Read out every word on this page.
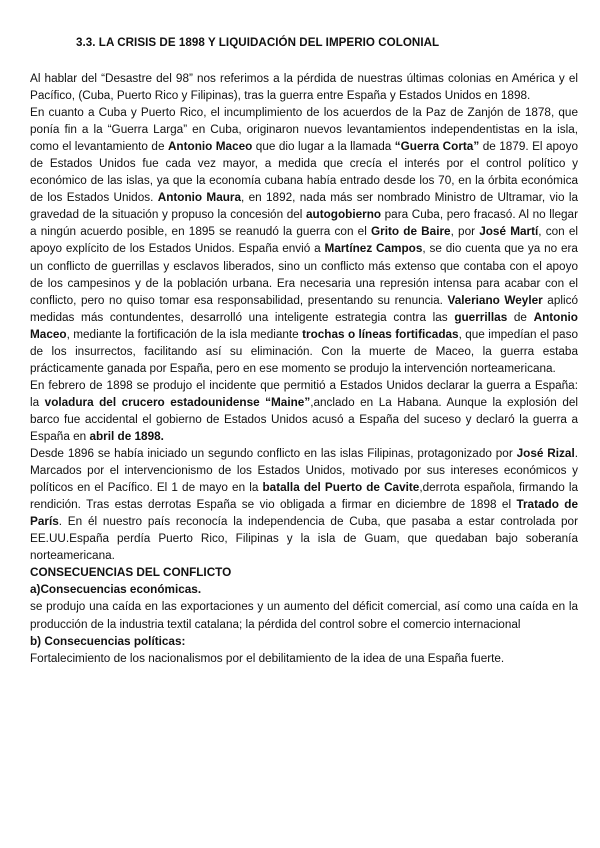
3.3. LA CRISIS DE 1898 Y LIQUIDACIÓN DEL IMPERIO COLONIAL

Al hablar del “Desastre del 98” nos referimos a la pérdida de nuestras últimas colonias en América y el Pacífico, (Cuba, Puerto Rico y Filipinas), tras la guerra entre España y Estados Unidos en 1898.

En cuanto a Cuba y Puerto Rico, el incumplimiento de los acuerdos de la Paz de Zanjón de 1878, que ponía fin a la “Guerra Larga” en Cuba, originaron nuevos levantamientos independentistas en la isla, como el levantamiento de Antonio Maceo que dio lugar a la llamada “Guerra Corta” de 1879. El apoyo de Estados Unidos fue cada vez mayor, a medida que crecía el interés por el control político y económico de las islas, ya que la economía cubana había entrado desde los 70, en la órbita económica de los Estados Unidos. Antonio Maura, en 1892, nada más ser nombrado Ministro de Ultramar, vio la gravedad de la situación y propuso la concesión del autogobierno para Cuba, pero fracasó. Al no llegar a ningún acuerdo posible, en 1895 se reanudó la guerra con el Grito de Baire, por José Martí, con el apoyo explícito de los Estados Unidos. España envió a Martínez Campos, se dio cuenta que ya no era un conflicto de guerrillas y esclavos liberados, sino un conflicto más extenso que contaba con el apoyo de los campesinos y de la población urbana. Era necesaria una represión intensa para acabar con el conflicto, pero no quiso tomar esa responsabilidad, presentando su renuncia. Valeriano Weyler aplicó medidas más contundentes, desarrolló una inteligente estrategia contra las guerrillas de Antonio Maceo, mediante la fortificación de la isla mediante trochas o líneas fortificadas, que impedían el paso de los insurrectos, facilitando así su eliminación. Con la muerte de Maceo, la guerra estaba prácticamente ganada por España, pero en ese momento se produjo la intervención norteamericana.

En febrero de 1898 se produjo el incidente que permitió a Estados Unidos declarar la guerra a España: la voladura del crucero estadounidense “Maine”,anclado en La Habana. Aunque la explosión del barco fue accidental el gobierno de Estados Unidos acusó a España del suceso y declaró la guerra a España en abril de 1898.

Desde 1896 se había iniciado un segundo conflicto en las islas Filipinas, protagonizado por José Rizal. Marcados por el intervencionismo de los Estados Unidos, motivado por sus intereses económicos y políticos en el Pacífico. El 1 de mayo en la batalla del Puerto de Cavite,derrota española, firmando la rendición. Tras estas derrotas España se vio obligada a firmar en diciembre de 1898 el Tratado de París. En él nuestro país reconocía la independencia de Cuba, que pasaba a estar controlada por EE.UU.España perdía Puerto Rico, Filipinas y la isla de Guam, que quedaban bajo soberanía norteamericana.

CONSECUENCIAS DEL CONFLICTO

a)Consecuencias económicas.

se produjo una caída en las exportaciones y un aumento del déficit comercial, así como una caída en la producción de la industria textil catalana; la pérdida del control sobre el comercio internacional

b) Consecuencias políticas:

Fortalecimiento de los nacionalismos por el debilitamiento de la idea de una España fuerte.
